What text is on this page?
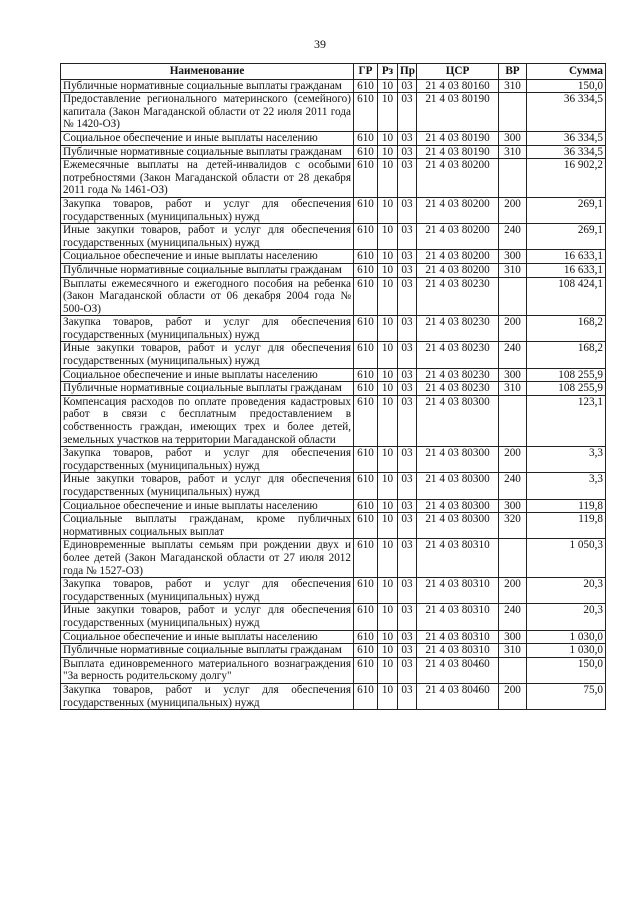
39
Наименование	ГР	Рз	Пр	ЦСР	ВР	Сумма
Публичные нормативные социальные выплаты гражданам	610	10	03	21 4 03 80160	310	150,0
Предоставление регионального материнского (семейного) капитала (Закон Магаданской области от 22 июля 2011 года № 1420-ОЗ)	610	10	03	21 4 03 80190		36 334,5
Социальное обеспечение и иные выплаты населению	610	10	03	21 4 03 80190	300	36 334,5
Публичные нормативные социальные выплаты гражданам	610	10	03	21 4 03 80190	310	36 334,5
Ежемесячные выплаты на детей-инвалидов с особыми потребностями (Закон Магаданской области от 28 декабря 2011 года № 1461-ОЗ)	610	10	03	21 4 03 80200		16 902,2
Закупка товаров, работ и услуг для обеспечения государственных (муниципальных) нужд	610	10	03	21 4 03 80200	200	269,1
Иные закупки товаров, работ и услуг для обеспечения государственных (муниципальных) нужд	610	10	03	21 4 03 80200	240	269,1
Социальное обеспечение и иные выплаты населению	610	10	03	21 4 03 80200	300	16 633,1
Публичные нормативные социальные выплаты гражданам	610	10	03	21 4 03 80200	310	16 633,1
Выплаты ежемесячного и ежегодного пособия на ребенка (Закон Магаданской области от 06 декабря 2004 года № 500-ОЗ)	610	10	03	21 4 03 80230		108 424,1
Закупка товаров, работ и услуг для обеспечения государственных (муниципальных) нужд	610	10	03	21 4 03 80230	200	168,2
Иные закупки товаров, работ и услуг для обеспечения государственных (муниципальных) нужд	610	10	03	21 4 03 80230	240	168,2
Социальное обеспечение и иные выплаты населению	610	10	03	21 4 03 80230	300	108 255,9
Публичные нормативные социальные выплаты гражданам	610	10	03	21 4 03 80230	310	108 255,9
Компенсация расходов по оплате проведения кадастровых работ в связи с бесплатным предоставлением в собственность граждан, имеющих трех и более детей, земельных участков на территории Магаданской области	610	10	03	21 4 03 80300		123,1
Закупка товаров, работ и услуг для обеспечения государственных (муниципальных) нужд	610	10	03	21 4 03 80300	200	3,3
Иные закупки товаров, работ и услуг для обеспечения государственных (муниципальных) нужд	610	10	03	21 4 03 80300	240	3,3
Социальное обеспечение и иные выплаты населению	610	10	03	21 4 03 80300	300	119,8
Социальные выплаты гражданам, кроме публичных нормативных социальных выплат	610	10	03	21 4 03 80300	320	119,8
Единовременные выплаты семьям при рождении двух и более детей (Закон Магаданской области от 27 июля 2012 года № 1527-ОЗ)	610	10	03	21 4 03 80310		1 050,3
Закупка товаров, работ и услуг для обеспечения государственных (муниципальных) нужд	610	10	03	21 4 03 80310	200	20,3
Иные закупки товаров, работ и услуг для обеспечения государственных (муниципальных) нужд	610	10	03	21 4 03 80310	240	20,3
Социальное обеспечение и иные выплаты населению	610	10	03	21 4 03 80310	300	1 030,0
Публичные нормативные социальные выплаты гражданам	610	10	03	21 4 03 80310	310	1 030,0
Выплата единовременного материального вознаграждения "За верность родительскому долгу"	610	10	03	21 4 03 80460		150,0
Закупка товаров, работ и услуг для обеспечения государственных (муниципальных) нужд	610	10	03	21 4 03 80460	200	75,0
